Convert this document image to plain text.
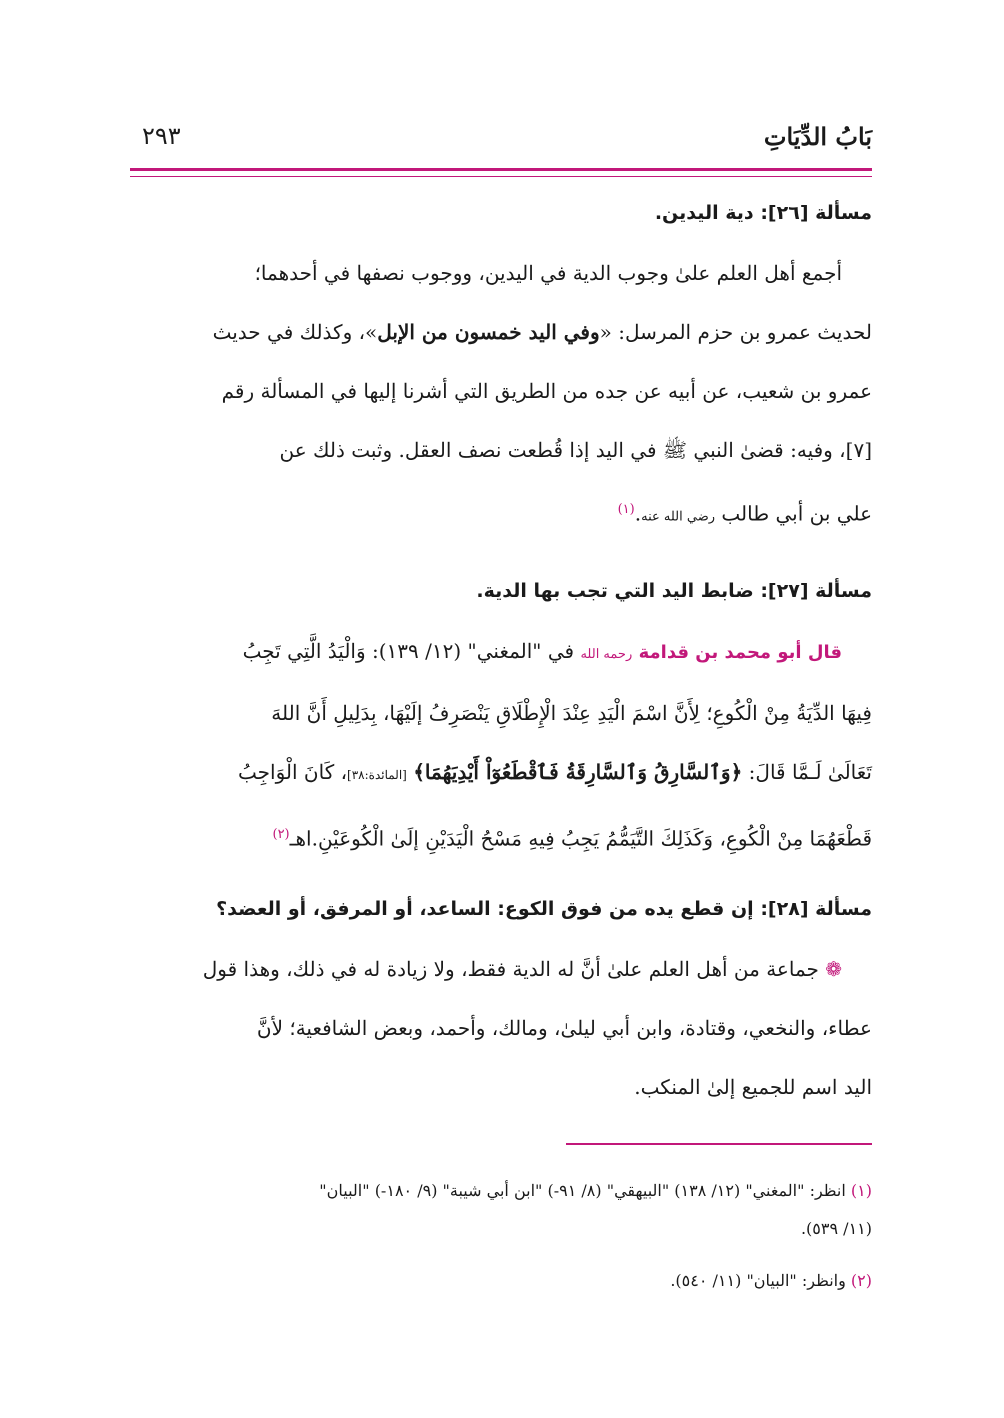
بَابُ الدِّيَاتِ
٢٩٣
مسألة [٢٦]: دية اليدين.
أجمع أهل العلم علىٰ وجوب الدية في اليدين، ووجوب نصفها في أحدهما؛
لحديث عمرو بن حزم المرسل: «وفي اليد خمسون من الإبل»، وكذلك في حديث
عمرو بن شعيب، عن أبيه عن جده من الطريق التي أشرنا إليها في المسألة رقم
[٧]، وفيه: قضىٰ النبي ﷺ في اليد إذا قُطعت نصف العقل. وثبت ذلك عن
علي بن أبي طالب رضي الله عنه.$^{(١)}$
مسألة [٢٧]: ضابط اليد التي تجب بها الدية.
قال أبو محمد بن قدامة رحمه الله في "المغني" (١٢/ ١٣٩): وَالْيَدُ الَّتِي تَجِبُ
فِيهَا الدِّيَةُ مِنْ الْكُوعِ؛ لِأَنَّ اسْمَ الْيَدِ عِنْدَ الْإِطْلَاقِ يَنْصَرِفُ إلَيْهَا، بِدَلِيلِ أَنَّ اللهَ
تَعَالَىٰ لَـمَّا قَالَ: ﴿وَٱلسَّارِقُ وَٱلسَّارِقَةُ فَٱقْطَعُوٓاْ أَيْدِيَهُمَا﴾ [المائدة:٣٨]، كَانَ الْوَاجِبُ
قَطْعَهُمَا مِنْ الْكُوعِ، وَكَذَلِكَ التَّيَمُّمُ يَجِبُ فِيهِ مَسْحُ الْيَدَيْنِ إلَىٰ الْكُوعَيْنِ.اهـ$^{(٢)}$
مسألة [٢٨]: إن قطع يده من فوق الكوع: الساعد، أو المرفق، أو العضد؟
❁ جماعة من أهل العلم علىٰ أنَّ له الدية فقط، ولا زيادة له في ذلك، وهذا قول
عطاء، والنخعي، وقتادة، وابن أبي ليلىٰ، ومالك، وأحمد، وبعض الشافعية؛ لأنَّ
اليد اسم للجميع إلىٰ المنكب.
(١) انظر: "المغني" (١٢/ ١٣٨) "البيهقي" (٨/ ٩١-) "ابن أبي شيبة" (٩/ ١٨٠-) "البيان"
(١١/ ٥٣٩).
(٢) وانظر: "البيان" (١١/ ٥٤٠).
